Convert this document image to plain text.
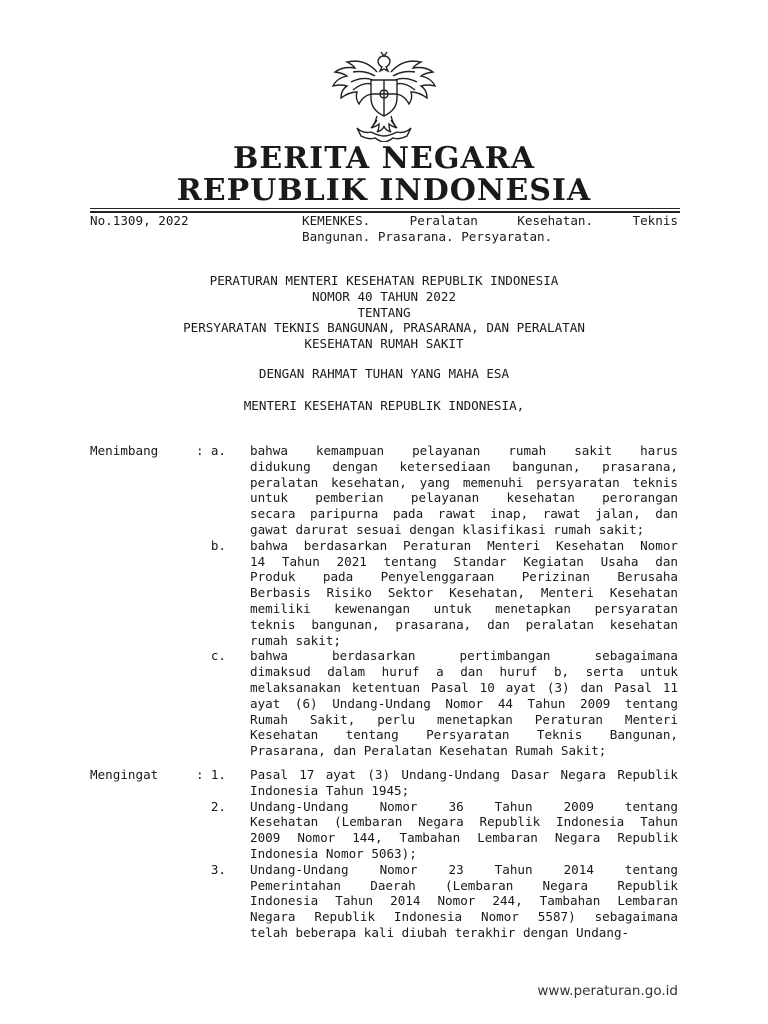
BERITA NEGARA
REPUBLIK INDONESIA
No.1309, 2022	KEMENKES. Peralatan Kesehatan. Teknis
Bangunan. Prasarana. Persyaratan.
PERATURAN MENTERI KESEHATAN REPUBLIK INDONESIA
NOMOR 40 TAHUN 2022
TENTANG
PERSYARATAN TEKNIS BANGUNAN, PRASARANA, DAN PERALATAN
KESEHATAN RUMAH SAKIT
DENGAN RAHMAT TUHAN YANG MAHA ESA
MENTERI KESEHATAN REPUBLIK INDONESIA,
Menimbang	: a. bahwa kemampuan pelayanan rumah sakit harus
didukung dengan ketersediaan bangunan, prasarana,
peralatan kesehatan, yang memenuhi persyaratan teknis
untuk pemberian pelayanan kesehatan perorangan
secara paripurna pada rawat inap, rawat jalan, dan
gawat darurat sesuai dengan klasifikasi rumah sakit;
b. bahwa berdasarkan Peraturan Menteri Kesehatan Nomor
14 Tahun 2021 tentang Standar Kegiatan Usaha dan
Produk pada Penyelenggaraan Perizinan Berusaha
Berbasis Risiko Sektor Kesehatan, Menteri Kesehatan
memiliki kewenangan untuk menetapkan persyaratan
teknis bangunan, prasarana, dan peralatan kesehatan
rumah sakit;
c. bahwa berdasarkan pertimbangan sebagaimana
dimaksud dalam huruf a dan huruf b, serta untuk
melaksanakan ketentuan Pasal 10 ayat (3) dan Pasal 11
ayat (6) Undang-Undang Nomor 44 Tahun 2009 tentang
Rumah Sakit, perlu menetapkan Peraturan Menteri
Kesehatan tentang Persyaratan Teknis Bangunan,
Prasarana, dan Peralatan Kesehatan Rumah Sakit;
Mengingat	: 1. Pasal 17 ayat (3) Undang-Undang Dasar Negara Republik
Indonesia Tahun 1945;
2. Undang-Undang Nomor 36 Tahun 2009 tentang
Kesehatan (Lembaran Negara Republik Indonesia Tahun
2009 Nomor 144, Tambahan Lembaran Negara Republik
Indonesia Nomor 5063);
3. Undang-Undang Nomor 23 Tahun 2014 tentang
Pemerintahan Daerah (Lembaran Negara Republik
Indonesia Tahun 2014 Nomor 244, Tambahan Lembaran
Negara Republik Indonesia Nomor 5587) sebagaimana
telah beberapa kali diubah terakhir dengan Undang-
www.peraturan.go.id
